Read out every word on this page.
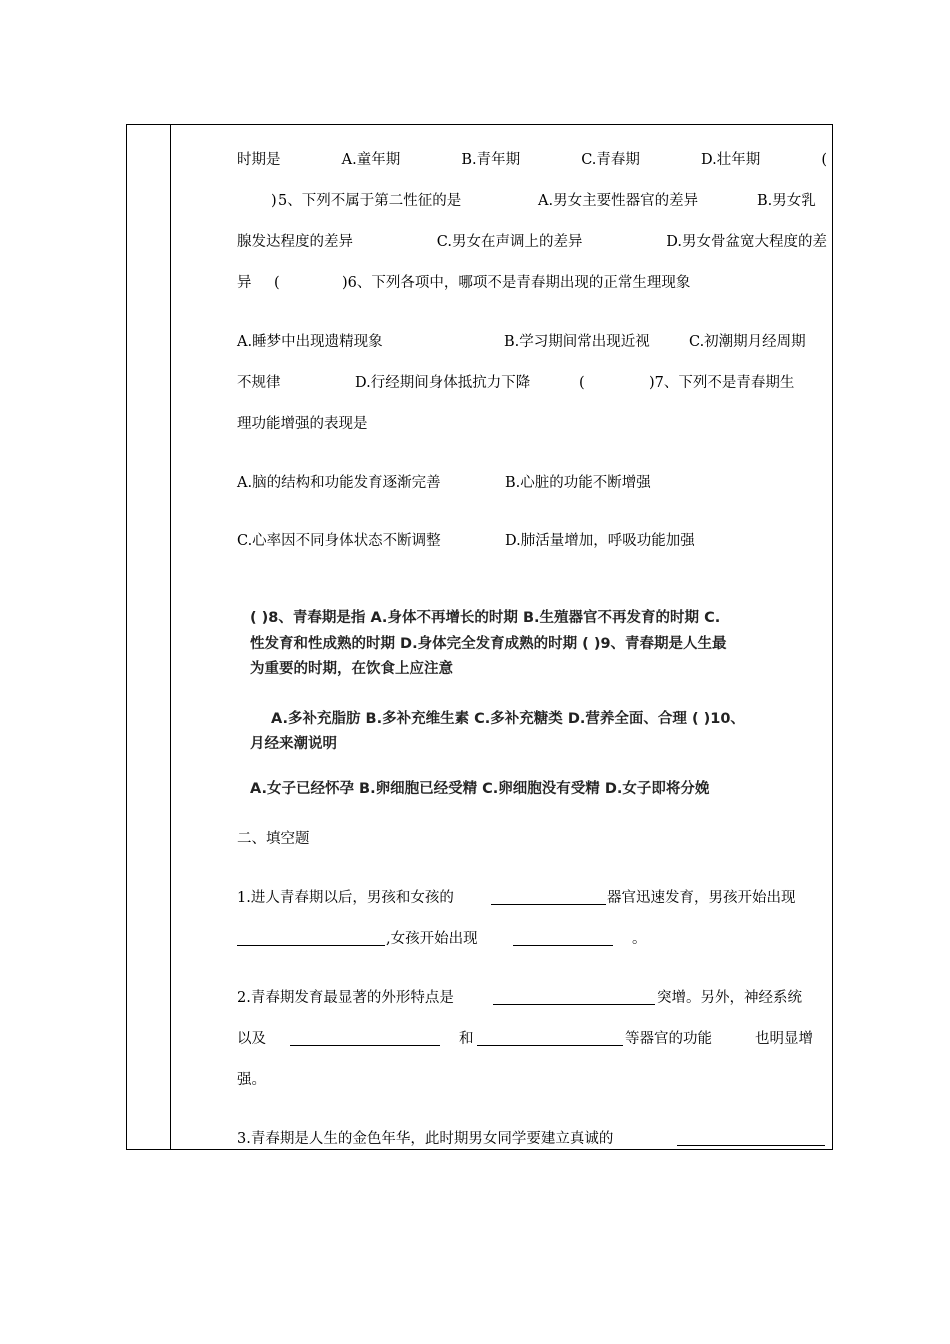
时期是	A.童年期	B.青年期	C.青春期	D.壮年期	(
) 5、下列不属于第二性征的是	A.男女主要性器官的差异	B.男女乳
腺发达程度的差异	C.男女在声调上的差异	D.男女骨盆宽大程度的差
异 (	)6、下列各项中，哪项不是青春期出现的正常生理现象
A.睡梦中出现遗精现象	B.学习期间常出现近视	C.初潮期月经周期
不规律	D.行经期间身体抵抗力下降	(	)7、下列不是青春期生
理功能增强的表现是
A.脑的结构和功能发育逐渐完善	B.心脏的功能不断增强
C.心率因不同身体状态不断调整	D.肺活量增加，呼吸功能加强
( )8、青春期是指 A.身体不再增长的时期 B.生殖器官不再发育的时期 C.
性发育和性成熟的时期 D.身体完全发育成熟的时期 ( )9、青春期是人生最
为重要的时期，在饮食上应注意
A.多补充脂肪 B.多补充维生素 C.多补充糖类 D.营养全面、合理 ( )10、
月经来潮说明
A.女子已经怀孕 B.卵细胞已经受精 C.卵细胞没有受精 D.女子即将分娩
二、填空题
1.进人青春期以后，男孩和女孩的	器官迅速发育，男孩开始出现
,女孩开始出现	。
2.青春期发育最显著的外形特点是	突增。另外，神经系统
以及	和	等器官的功能	也明显增
强。
3.青春期是人生的金色年华，此时期男女同学要建立真诚的
